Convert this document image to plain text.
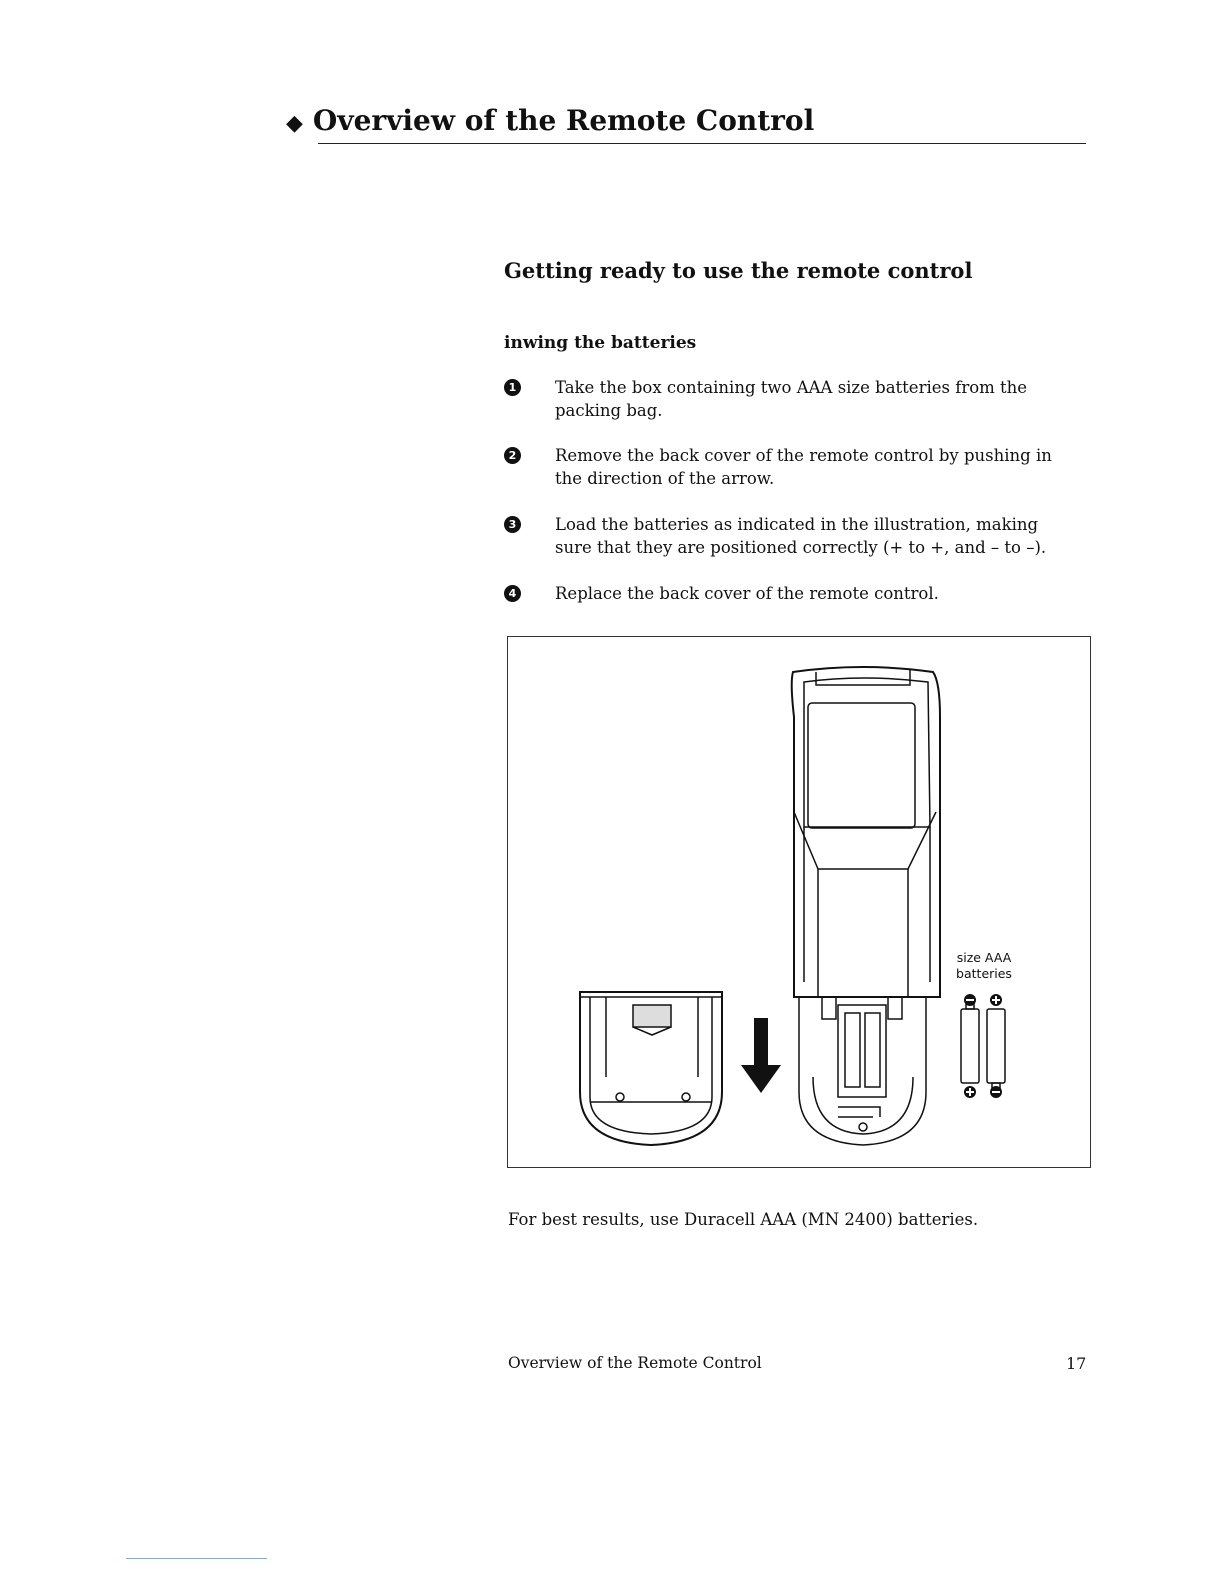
◆ Overview of the Remote Control
Getting ready to use the remote control
inwing the batteries
1 Take the box containing two AAA size batteries from the packing bag.
2 Remove the back cover of the remote control by pushing in the direction of the arrow.
3 Load the batteries as indicated in the illustration, making sure that they are positioned correctly (+ to +, and – to –).
4 Replace the back cover of the remote control.
size AAA
batteries
For best results, use Duracell AAA (MN 2400) batteries.
Overview of the Remote Control	17
